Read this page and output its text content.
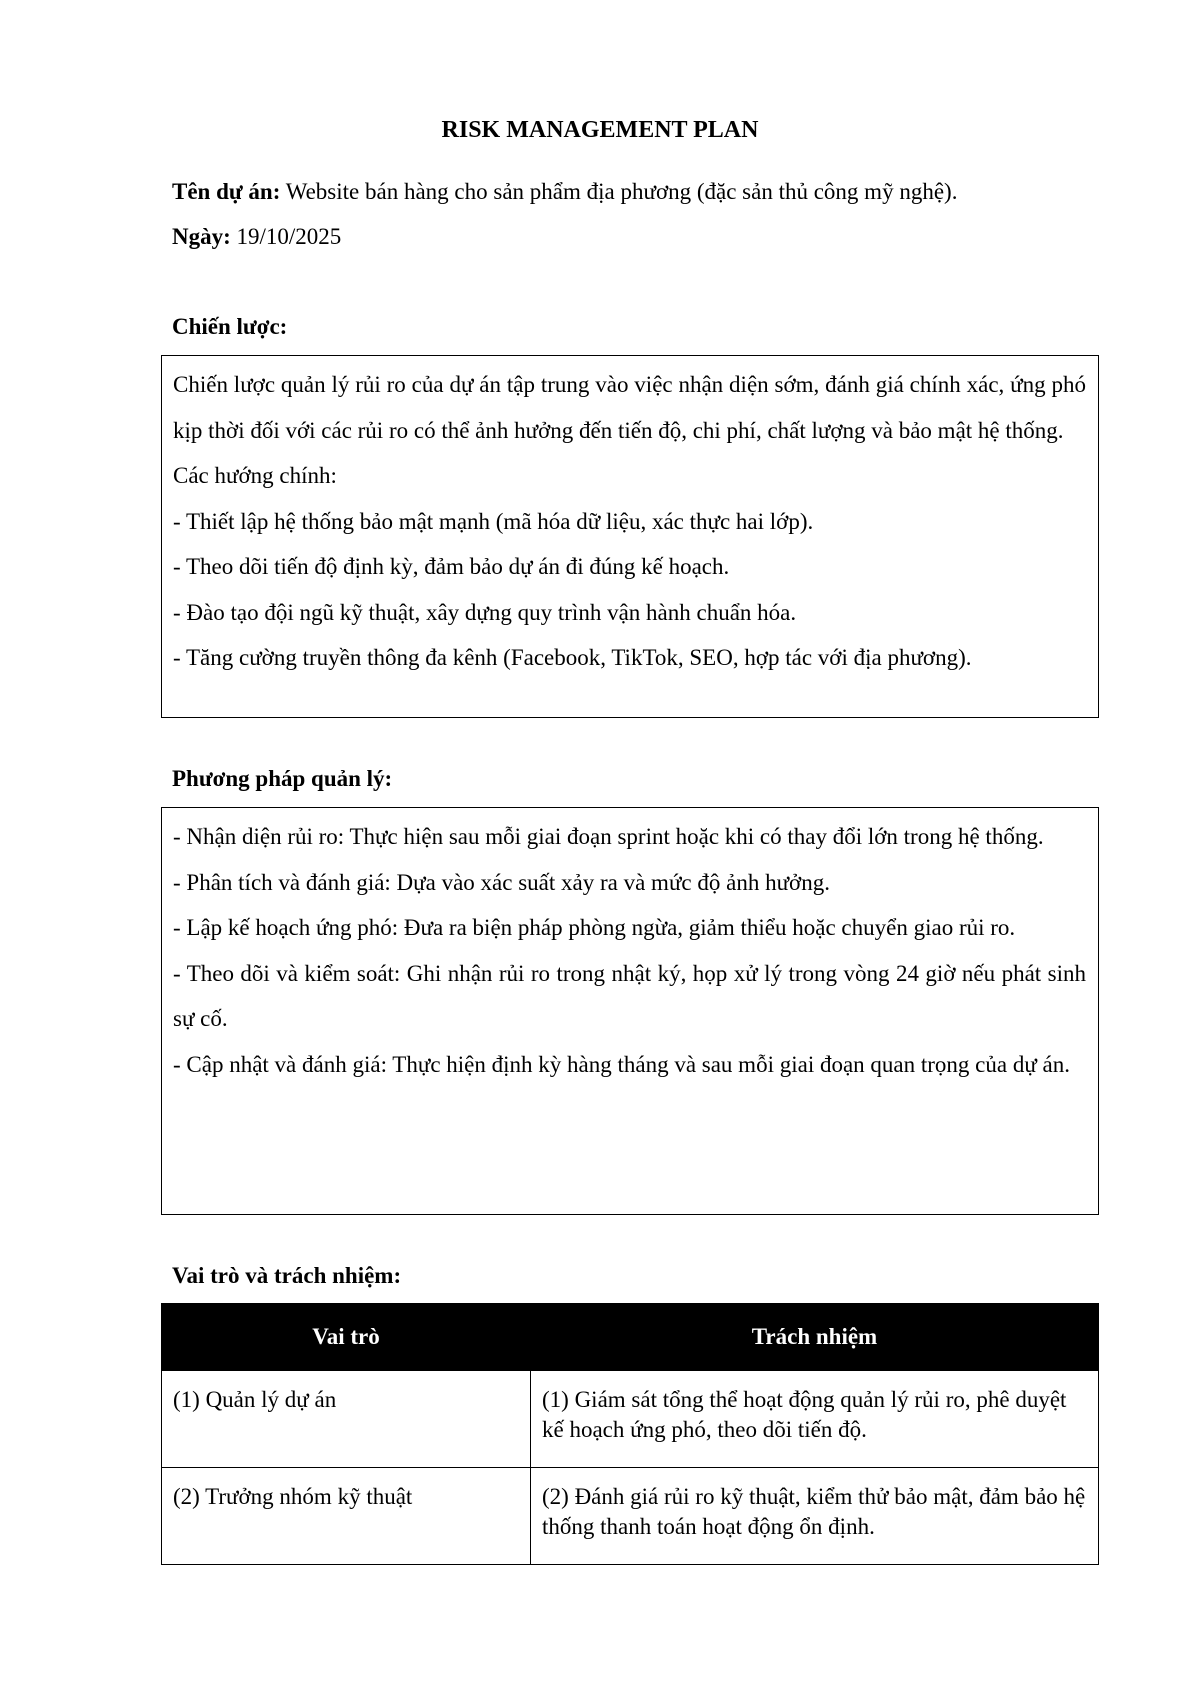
RISK MANAGEMENT PLAN
Tên dự án: Website bán hàng cho sản phẩm địa phương (đặc sản thủ công mỹ nghệ).
Ngày: 19/10/2025
Chiến lược:

Chiến lược quản lý rủi ro của dự án tập trung vào việc nhận diện sớm, đánh giá chính xác, ứng phó kịp thời đối với các rủi ro có thể ảnh hưởng đến tiến độ, chi phí, chất lượng và bảo mật hệ thống.

Các hướng chính:

- Thiết lập hệ thống bảo mật mạnh (mã hóa dữ liệu, xác thực hai lớp).

- Theo dõi tiến độ định kỳ, đảm bảo dự án đi đúng kế hoạch.

- Đào tạo đội ngũ kỹ thuật, xây dựng quy trình vận hành chuẩn hóa.

- Tăng cường truyền thông đa kênh (Facebook, TikTok, SEO, hợp tác với địa phương).

Phương pháp quản lý:

- Nhận diện rủi ro: Thực hiện sau mỗi giai đoạn sprint hoặc khi có thay đổi lớn trong hệ thống.

- Phân tích và đánh giá: Dựa vào xác suất xảy ra và mức độ ảnh hưởng.

- Lập kế hoạch ứng phó: Đưa ra biện pháp phòng ngừa, giảm thiểu hoặc chuyển giao rủi ro.

- Theo dõi và kiểm soát: Ghi nhận rủi ro trong nhật ký, họp xử lý trong vòng 24 giờ nếu phát sinh sự cố.

- Cập nhật và đánh giá: Thực hiện định kỳ hàng tháng và sau mỗi giai đoạn quan trọng của dự án.

Vai trò và trách nhiệm:
Vai trò	Trách nhiệm
(1) Quản lý dự án	(1) Giám sát tổng thể hoạt động quản lý rủi ro, phê duyệt kế hoạch ứng phó, theo dõi tiến độ.
(2) Trưởng nhóm kỹ thuật	(2) Đánh giá rủi ro kỹ thuật, kiểm thử bảo mật, đảm bảo hệ thống thanh toán hoạt động ổn định.
